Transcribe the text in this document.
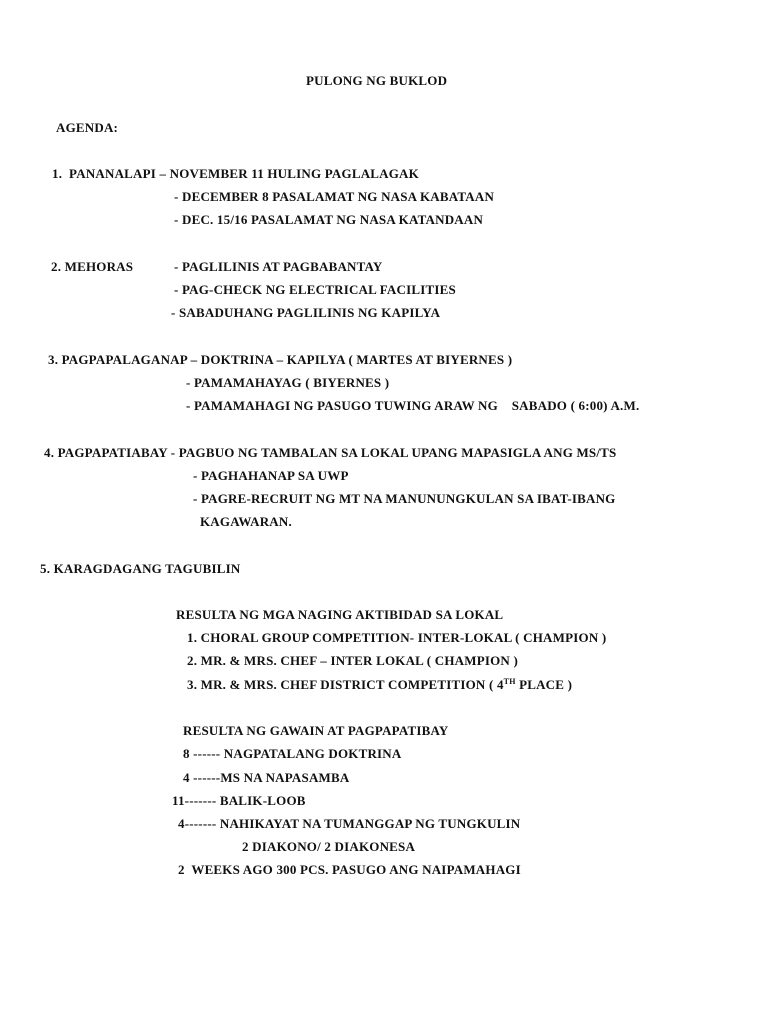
PULONG NG BUKLOD
AGENDA:
1.  PANANALAPI – NOVEMBER 11 HULING PAGLALAGAK
- DECEMBER 8 PASALAMAT NG NASA KABATAAN
- DEC. 15/16 PASALAMAT NG NASA KATANDAAN
2. MEHORAS	- PAGLILINIS AT PAGBABANTAY
- PAG-CHECK NG ELECTRICAL FACILITIES
- SABADUHANG PAGLILINIS NG KAPILYA
3. PAGPAPALAGANAP – DOKTRINA – KAPILYA ( MARTES AT BIYERNES )
- PAMAMAHAYAG ( BIYERNES )
- PAMAMAHAGI NG PASUGO TUWING ARAW NG    SABADO ( 6:00) A.M.
4. PAGPAPATIABAY - PAGBUO NG TAMBALAN SA LOKAL UPANG MAPASIGLA ANG MS/TS
- PAGHAHANAP SA UWP
- PAGRE-RECRUIT NG MT NA MANUNUNGKULAN SA IBAT-IBANG
KAGAWARAN.
5. KARAGDAGANG TAGUBILIN
RESULTA NG MGA NAGING AKTIBIDAD SA LOKAL
1. CHORAL GROUP COMPETITION- INTER-LOKAL ( CHAMPION )
2. MR. & MRS. CHEF – INTER LOKAL ( CHAMPION )
3. MR. & MRS. CHEF DISTRICT COMPETITION ( 4TH PLACE )
RESULTA NG GAWAIN AT PAGPAPATIBAY
8 ------ NAGPATALANG DOKTRINA
4 ------MS NA NAPASAMBA
11------- BALIK-LOOB
4------- NAHIKAYAT NA TUMANGGAP NG TUNGKULIN
2 DIAKONO/ 2 DIAKONESA
2  WEEKS AGO 300 PCS. PASUGO ANG NAIPAMAHAGI
